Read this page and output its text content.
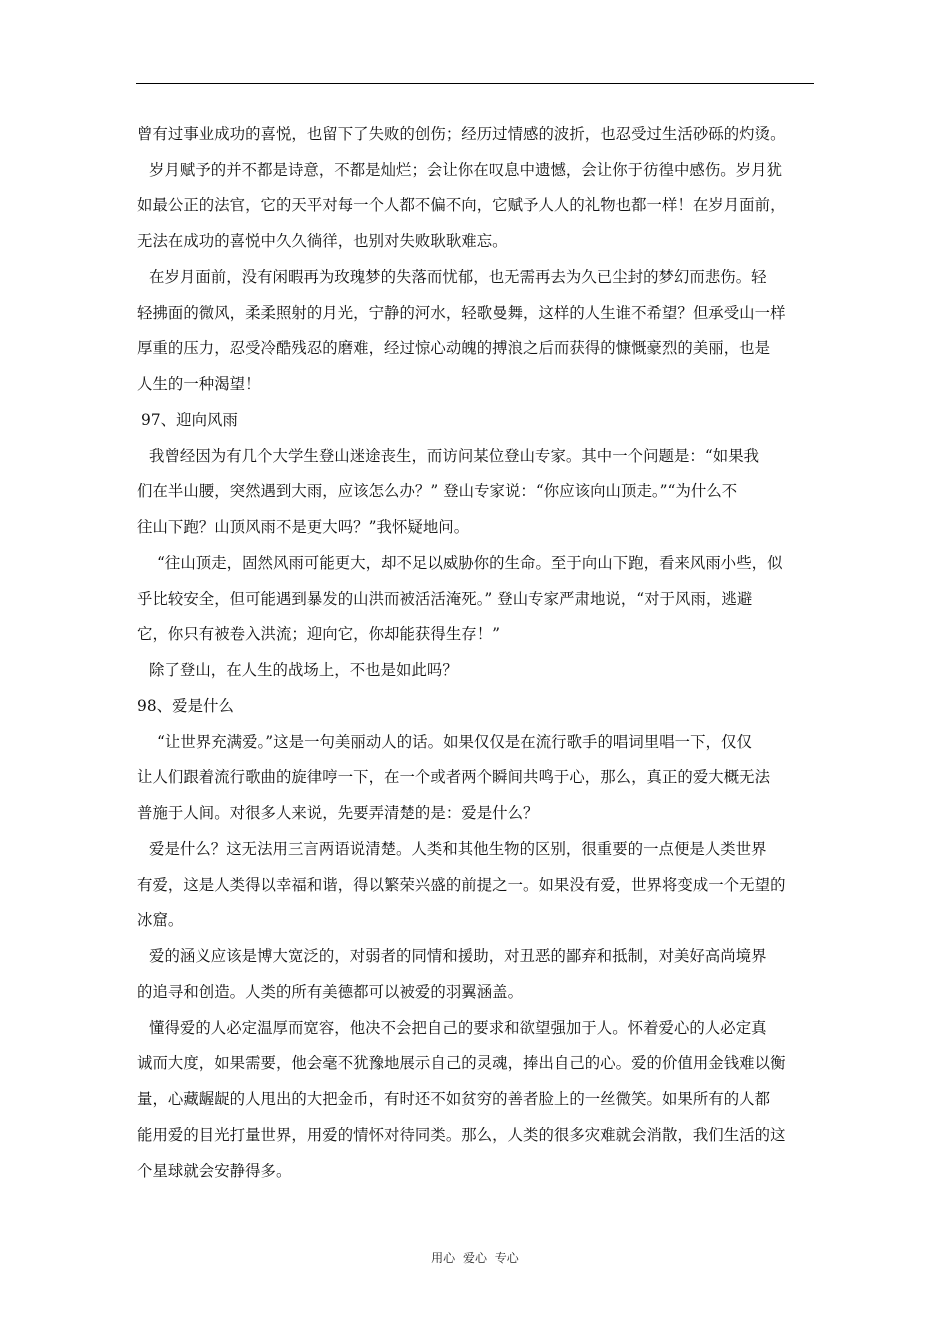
曾有过事业成功的喜悦，也留下了失败的创伤；经历过情感的波折，也忍受过生活砂砾的灼烫。
岁月赋予的并不都是诗意，不都是灿烂；会让你在叹息中遗憾，会让你于彷徨中感伤。岁月犹
如最公正的法官，它的天平对每一个人都不偏不向，它赋予人人的礼物也都一样！在岁月面前，
无法在成功的喜悦中久久徜徉，也别对失败耿耿难忘。
在岁月面前，没有闲暇再为玫瑰梦的失落而忧郁，也无需再去为久已尘封的梦幻而悲伤。轻
轻拂面的微风，柔柔照射的月光，宁静的河水，轻歌曼舞，这样的人生谁不希望？但承受山一样
厚重的压力，忍受冷酷残忍的磨难，经过惊心动魄的搏浪之后而获得的慷慨豪烈的美丽，也是
人生的一种渴望！
97、迎向风雨
我曾经因为有几个大学生登山迷途丧生，而访问某位登山专家。其中一个问题是：“如果我
们在半山腰，突然遇到大雨，应该怎么办？” 登山专家说：“你应该向山顶走。”“为什么不
往山下跑？山顶风雨不是更大吗？”我怀疑地问。
“往山顶走，固然风雨可能更大，却不足以威胁你的生命。至于向山下跑，看来风雨小些，似
乎比较安全，但可能遇到暴发的山洪而被活活淹死。” 登山专家严肃地说，“对于风雨，逃避
它，你只有被卷入洪流；迎向它，你却能获得生存！”
除了登山，在人生的战场上，不也是如此吗？
98、爱是什么
“让世界充满爱。”这是一句美丽动人的话。如果仅仅是在流行歌手的唱词里唱一下，仅仅
让人们跟着流行歌曲的旋律哼一下，在一个或者两个瞬间共鸣于心，那么，真正的爱大概无法
普施于人间。对很多人来说，先要弄清楚的是：爱是什么？
爱是什么？这无法用三言两语说清楚。人类和其他生物的区别，很重要的一点便是人类世界
有爱，这是人类得以幸福和谐，得以繁荣兴盛的前提之一。如果没有爱，世界将变成一个无望的
冰窟。
爱的涵义应该是博大宽泛的，对弱者的同情和援助，对丑恶的鄙弃和抵制，对美好高尚境界
的追寻和创造。人类的所有美德都可以被爱的羽翼涵盖。
懂得爱的人必定温厚而宽容，他决不会把自己的要求和欲望强加于人。怀着爱心的人必定真
诚而大度，如果需要，他会毫不犹豫地展示自己的灵魂，捧出自己的心。爱的价值用金钱难以衡
量，心藏龌龊的人甩出的大把金币，有时还不如贫穷的善者脸上的一丝微笑。如果所有的人都
能用爱的目光打量世界，用爱的情怀对待同类。那么，人类的很多灾难就会消散，我们生活的这
个星球就会安静得多。
用心 爱心 专心
